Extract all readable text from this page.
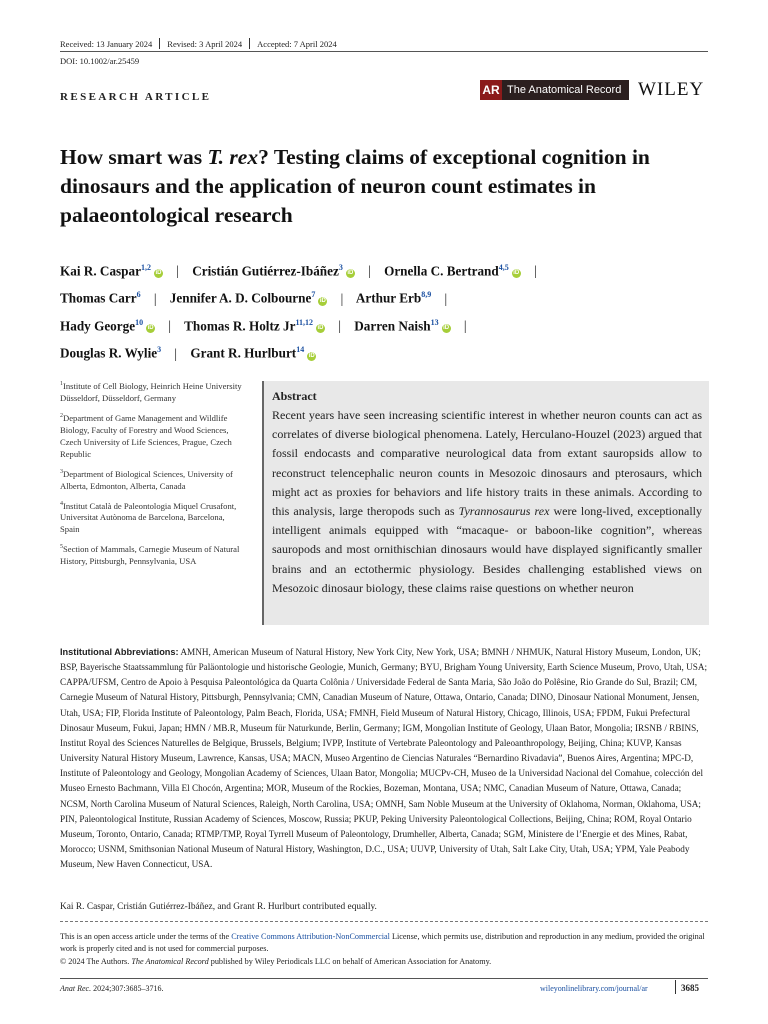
Received: 13 January 2024	Revised: 3 April 2024	Accepted: 7 April 2024
DOI: 10.1002/ar.25459
RESEARCH ARTICLE	AR The Anatomical Record WILEY
How smart was T. rex? Testing claims of exceptional cognition in dinosaurs and the application of neuron count estimates in palaeontological research
Kai R. Caspar$^{1,2}$iD | Cristián Gutiérrez-Ibáñez$^3$iD | Ornella C. Bertrand$^{4,5}$iD |
Thomas Carr$^6$ | Jennifer A. D. Colbourne$^7$iD | Arthur Erb$^{8,9}$ |
Hady George$^{10}$iD | Thomas R. Holtz Jr$^{11,12}$iD | Darren Naish$^{13}$iD |
Douglas R. Wylie$^3$ | Grant R. Hurlburt$^{14}$iD

$^1$Institute of Cell Biology, Heinrich Heine University Düsseldorf, Düsseldorf, Germany

$^2$Department of Game Management and Wildlife Biology, Faculty of Forestry and Wood Sciences, Czech University of Life Sciences, Prague, Czech Republic

$^3$Department of Biological Sciences, University of Alberta, Edmonton, Alberta, Canada

$^4$Institut Català de Paleontologia Miquel Crusafont, Universitat Autònoma de Barcelona, Barcelona, Spain

$^5$Section of Mammals, Carnegie Museum of Natural History, Pittsburgh, Pennsylvania, USA

Abstract
Recent years have seen increasing scientific interest in whether neuron counts can act as correlates of diverse biological phenomena. Lately, Herculano-Houzel (2023) argued that fossil endocasts and comparative neurological data from extant sauropsids allow to reconstruct telencephalic neuron counts in Mesozoic dinosaurs and pterosaurs, which might act as proxies for behaviors and life history traits in these animals. According to this analysis, large theropods such as Tyrannosaurus rex were long-lived, exceptionally intelligent animals equipped with “macaque- or baboon-like cognition”, whereas sauropods and most ornithischian dinosaurs would have displayed significantly smaller brains and an ectothermic physiology. Besides challenging established views on Mesozoic dinosaur biology, these claims raise questions on whether neuron
Institutional Abbreviations: AMNH, American Museum of Natural History, New York City, New York, USA; BMNH / NHMUK, Natural History Museum, London, UK; BSP, Bayerische Staatssammlung für Paläontologie und historische Geologie, Munich, Germany; BYU, Brigham Young University, Earth Science Museum, Provo, Utah, USA; CAPPA/UFSM, Centro de Apoio à Pesquisa Paleontológica da Quarta Colônia / Universidade Federal de Santa Maria, São João do Polêsine, Rio Grande do Sul, Brazil; CM, Carnegie Museum of Natural History, Pittsburgh, Pennsylvania; CMN, Canadian Museum of Nature, Ottawa, Ontario, Canada; DINO, Dinosaur National Monument, Jensen, Utah, USA; FIP, Florida Institute of Paleontology, Palm Beach, Florida, USA; FMNH, Field Museum of Natural History, Chicago, Illinois, USA; FPDM, Fukui Prefectural Dinosaur Museum, Fukui, Japan; HMN / MB.R, Museum für Naturkunde, Berlin, Germany; IGM, Mongolian Institute of Geology, Ulaan Bator, Mongolia; IRSNB / RBINS, Institut Royal des Sciences Naturelles de Belgique, Brussels, Belgium; IVPP, Institute of Vertebrate Paleontology and Paleoanthropology, Beijing, China; KUVP, Kansas University Natural History Museum, Lawrence, Kansas, USA; MACN, Museo Argentino de Ciencias Naturales “Bernardino Rivadavia”, Buenos Aires, Argentina; MPC-D, Institute of Paleontology and Geology, Mongolian Academy of Sciences, Ulaan Bator, Mongolia; MUCPv-CH, Museo de la Universidad Nacional del Comahue, colección del Museo Ernesto Bachmann, Villa El Chocón, Argentina; MOR, Museum of the Rockies, Bozeman, Montana, USA; NMC, Canadian Museum of Nature, Ottawa, Canada; NCSM, North Carolina Museum of Natural Sciences, Raleigh, North Carolina, USA; OMNH, Sam Noble Museum at the University of Oklahoma, Norman, Oklahoma, USA; PIN, Paleontological Institute, Russian Academy of Sciences, Moscow, Russia; PKUP, Peking University Paleontological Collections, Beijing, China; ROM, Royal Ontario Museum, Toronto, Ontario, Canada; RTMP/TMP, Royal Tyrrell Museum of Paleontology, Drumheller, Alberta, Canada; SGM, Ministere de l’Energie et des Mines, Rabat, Morocco; USNM, Smithsonian National Museum of Natural History, Washington, D.C., USA; UUVP, University of Utah, Salt Lake City, Utah, USA; YPM, Yale Peabody Museum, New Haven Connecticut, USA.
Kai R. Caspar, Cristián Gutiérrez-Ibáñez, and Grant R. Hurlburt contributed equally.
This is an open access article under the terms of the Creative Commons Attribution-NonCommercial License, which permits use, distribution and reproduction in any medium, provided the original work is properly cited and is not used for commercial purposes.
© 2024 The Authors. The Anatomical Record published by Wiley Periodicals LLC on behalf of American Association for Anatomy.
Anat Rec. 2024;307:3685–3716.	wileyonlinelibrary.com/journal/ar	3685
